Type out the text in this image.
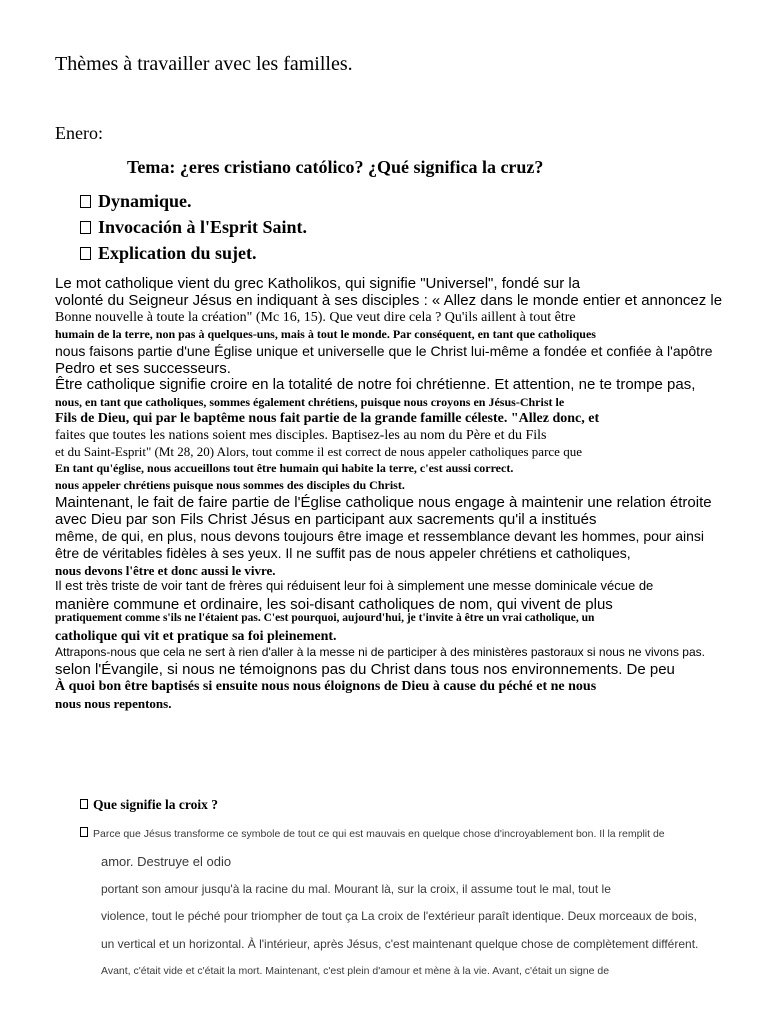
Thèmes à travailler avec les familles.
Enero:
Tema: ¿eres cristiano católico? ¿Qué significa la cruz?
Dynamique.
Invocación à l'Esprit Saint.
Explication du sujet.
Le mot catholique vient du grec Katholikos, qui signifie "Universel", fondé sur la
volonté du Seigneur Jésus en indiquant à ses disciples : « Allez dans le monde entier et annoncez le
Bonne nouvelle à toute la création" (Mc 16, 15). Que veut dire cela ? Qu'ils aillent à tout être
humain de la terre, non pas à quelques-uns, mais à tout le monde. Par conséquent, en tant que catholiques
nous faisons partie d'une Église unique et universelle que le Christ lui-même a fondée et confiée à l'apôtre
Pedro et ses successeurs.
Être catholique signifie croire en la totalité de notre foi chrétienne. Et attention, ne te trompe pas,
nous, en tant que catholiques, sommes également chrétiens, puisque nous croyons en Jésus-Christ le
Fils de Dieu, qui par le baptême nous fait partie de la grande famille céleste. "Allez donc, et
faites que toutes les nations soient mes disciples. Baptisez-les au nom du Père et du Fils
et du Saint-Esprit" (Mt 28, 20) Alors, tout comme il est correct de nous appeler catholiques parce que
En tant qu'église, nous accueillons tout être humain qui habite la terre, c'est aussi correct.
nous appeler chrétiens puisque nous sommes des disciples du Christ.
Maintenant, le fait de faire partie de l'Église catholique nous engage à maintenir une relation étroite
avec Dieu par son Fils Christ Jésus en participant aux sacrements qu'il a institués
même, de qui, en plus, nous devons toujours être image et ressemblance devant les hommes, pour ainsi
être de véritables fidèles à ses yeux. Il ne suffit pas de nous appeler chrétiens et catholiques,
nous devons l'être et donc aussi le vivre.
Il est très triste de voir tant de frères qui réduisent leur foi à simplement une messe dominicale vécue de
manière commune et ordinaire, les soi-disant catholiques de nom, qui vivent de plus
pratiquement comme s'ils ne l'étaient pas. C'est pourquoi, aujourd'hui, je t'invite à être un vrai catholique, un
catholique qui vit et pratique sa foi pleinement.
Attrapons-nous que cela ne sert à rien d'aller à la messe ni de participer à des ministères pastoraux si nous ne vivons pas.
selon l'Évangile, si nous ne témoignons pas du Christ dans tous nos environnements. De peu
À quoi bon être baptisés si ensuite nous nous éloignons de Dieu à cause du péché et ne nous
nous nous repentons.
Que signifie la croix ?
Parce que Jésus transforme ce symbole de tout ce qui est mauvais en quelque chose d'incroyablement bon. Il la remplit de
amor. Destruye el odio
portant son amour jusqu'à la racine du mal. Mourant là, sur la croix, il assume tout le mal, tout le
violence, tout le péché pour triompher de tout ça La croix de l'extérieur paraît identique. Deux morceaux de bois,
un vertical et un horizontal. À l'intérieur, après Jésus, c'est maintenant quelque chose de complètement différent.
Avant, c'était vide et c'était la mort. Maintenant, c'est plein d'amour et mène à la vie. Avant, c'était un signe de
